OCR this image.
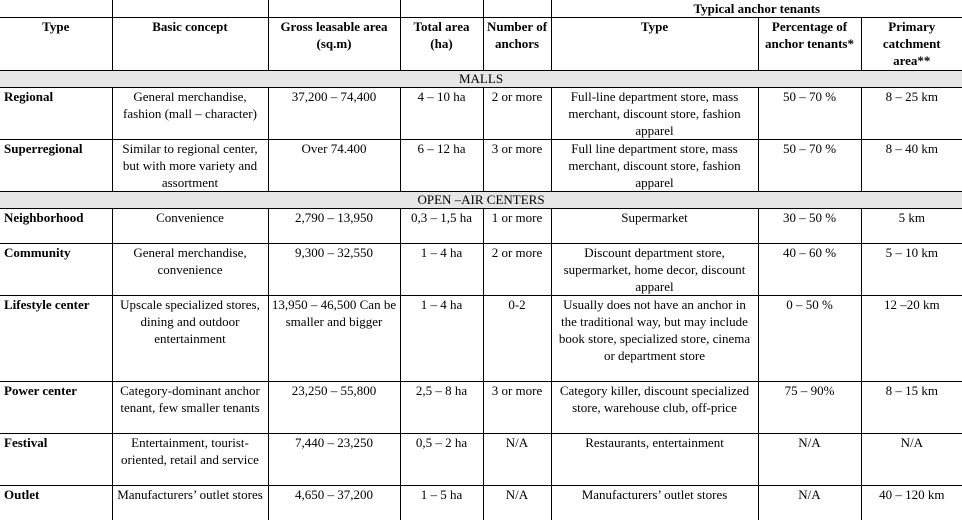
					Typical anchor tenants		
Type	Basic concept	Gross leasable area (sq.m)	Total area (ha)	Number of anchors	Type	Percentage of anchor tenants*	Primary catchment area**
MALLS							
Regional	General merchandise, fashion (mall – character)	37,200 – 74,400	4 – 10 ha	2 or more	Full-line department store, mass merchant, discount store, fashion apparel	50 – 70 %	8 – 25 km
Superregional	Similar to regional center, but with more variety and assortment	Over 74.400	6 – 12 ha	3 or more	Full line department store, mass merchant, discount store, fashion apparel	50 – 70 %	8 – 40 km
OPEN –AIR CENTERS							
Neighborhood	Convenience	2,790 – 13,950	0,3 – 1,5 ha	1 or more	Supermarket	30 – 50 %	5 km
Community	General merchandise, convenience	9,300 – 32,550	1 – 4 ha	2 or more	Discount department store, supermarket, home decor, discount apparel	40 – 60 %	5 – 10 km
Lifestyle center	Upscale specialized stores, dining and outdoor entertainment	13,950 – 46,500 Can be smaller and bigger	1 – 4 ha	0-2	Usually does not have an anchor in the traditional way, but may include book store, specialized store, cinema or department store	0 – 50 %	12 –20 km
Power center	Category-dominant anchor tenant, few smaller tenants	23,250 – 55,800	2,5 – 8 ha	3 or more	Category killer, discount specialized store, warehouse club, off-price	75 – 90%	8 – 15 km
Festival	Entertainment, tourist-oriented, retail and service	7,440 – 23,250	0,5 – 2 ha	N/A	Restaurants, entertainment	N/A	N/A
Outlet	Manufacturers’ outlet stores	4,650 – 37,200	1 – 5 ha	N/A	Manufacturers’ outlet stores	N/A	40 – 120 km
